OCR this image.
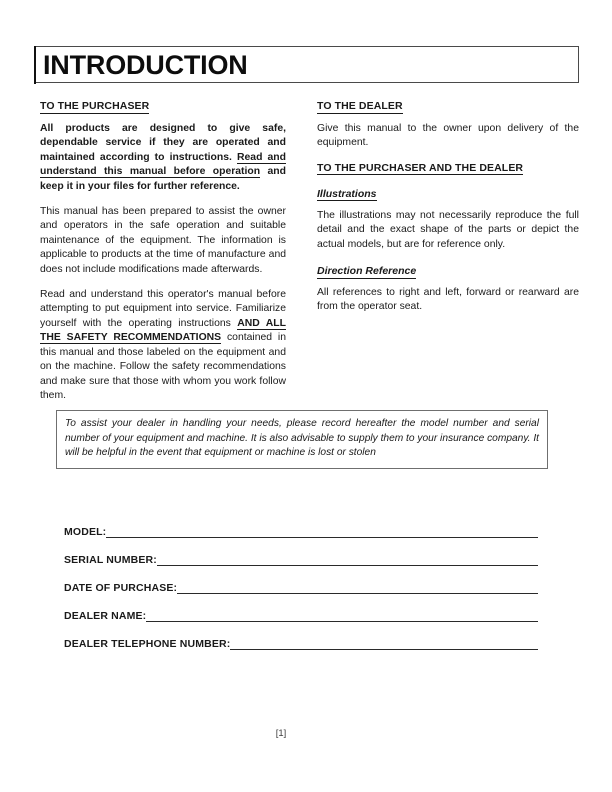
INTRODUCTION
TO THE PURCHASER

All products are designed to give safe, dependable service if they are operated and maintained according to instructions. Read and understand this manual before operation and keep it in your files for further reference.

This manual has been prepared to assist the owner and operators in the safe operation and suitable maintenance of the equipment. The information is applicable to products at the time of manufacture and does not include modifications made afterwards.

Read and understand this operator's manual before attempting to put equipment into service. Familiarize yourself with the operating instructions AND ALL THE SAFETY RECOMMENDATIONS contained in this manual and those labeled on the equipment and on the machine. Follow the safety recommendations and make sure that those with whom you work follow them.

TO THE DEALER

Give this manual to the owner upon delivery of the equipment.

TO THE PURCHASER AND THE DEALER
Illustrations

The illustrations may not necessarily reproduce the full detail and the exact shape of the parts or depict the actual models, but are for reference only.

Direction Reference

All references to right and left, forward or rearward are from the operator seat.

To assist your dealer in handling your needs, please record hereafter the model number and serial number of your equipment and machine. It is also advisable to supply them to your insurance company. It will be helpful in the event that equipment or machine is lost or stolen

MODEL:
SERIAL NUMBER:
DATE OF PURCHASE:
DEALER NAME:
DEALER TELEPHONE NUMBER:
[1]
